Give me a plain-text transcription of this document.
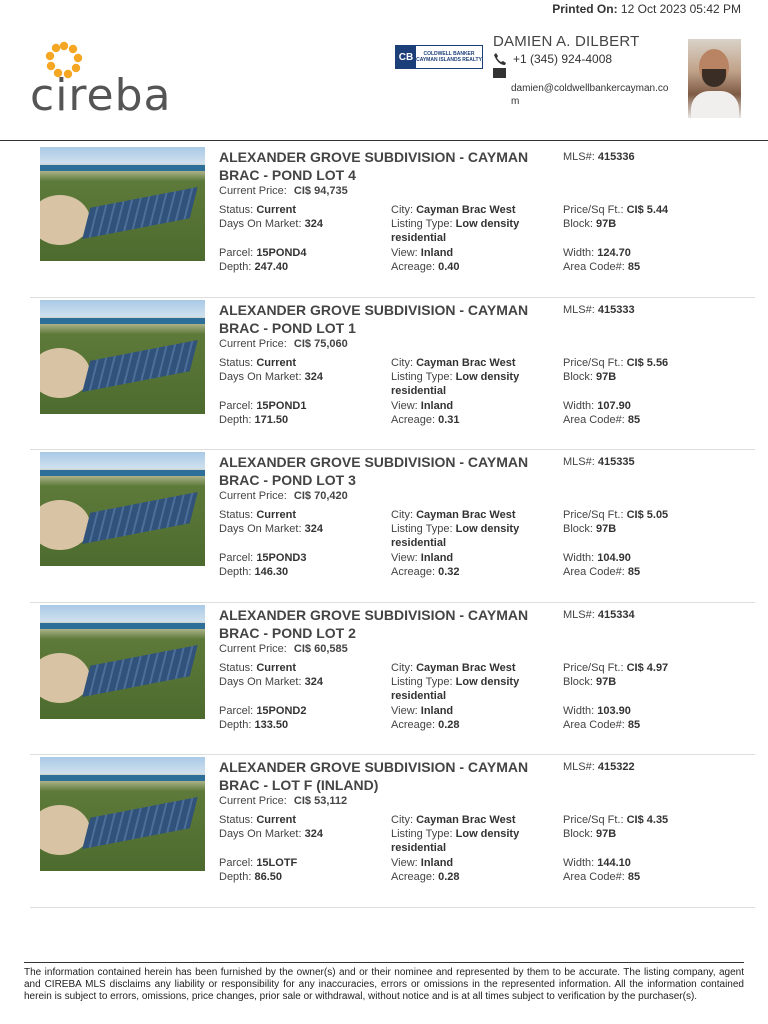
Printed On: 12 Oct 2023 05:42 PM
cireba
CB	COLDWELL BANKER
CAYMAN ISLANDS REALTY
DAMIEN A. DILBERT
+1 (345) 924-4008
damien@coldwellbankercayman.com
ALEXANDER GROVE SUBDIVISION - CAYMAN BRAC - POND LOT 4
MLS#: 415336
Current Price: CI$ 94,735
Status: Current
Days On Market: 324
Parcel: 15POND4
Depth: 247.40
City: Cayman Brac West
Listing Type: Low density residential
View: Inland
Acreage: 0.40
Price/Sq Ft.: CI$ 5.44
Block: 97B
Width: 124.70
Area Code#: 85
ALEXANDER GROVE SUBDIVISION - CAYMAN BRAC - POND LOT 1
MLS#: 415333
Current Price: CI$ 75,060
Status: Current
Days On Market: 324
Parcel: 15POND1
Depth: 171.50
City: Cayman Brac West
Listing Type: Low density residential
View: Inland
Acreage: 0.31
Price/Sq Ft.: CI$ 5.56
Block: 97B
Width: 107.90
Area Code#: 85
ALEXANDER GROVE SUBDIVISION - CAYMAN BRAC - POND LOT 3
MLS#: 415335
Current Price: CI$ 70,420
Status: Current
Days On Market: 324
Parcel: 15POND3
Depth: 146.30
City: Cayman Brac West
Listing Type: Low density residential
View: Inland
Acreage: 0.32
Price/Sq Ft.: CI$ 5.05
Block: 97B
Width: 104.90
Area Code#: 85
ALEXANDER GROVE SUBDIVISION - CAYMAN BRAC - POND LOT 2
MLS#: 415334
Current Price: CI$ 60,585
Status: Current
Days On Market: 324
Parcel: 15POND2
Depth: 133.50
City: Cayman Brac West
Listing Type: Low density residential
View: Inland
Acreage: 0.28
Price/Sq Ft.: CI$ 4.97
Block: 97B
Width: 103.90
Area Code#: 85
ALEXANDER GROVE SUBDIVISION - CAYMAN BRAC - LOT F (INLAND)
MLS#: 415322
Current Price: CI$ 53,112
Status: Current
Days On Market: 324
Parcel: 15LOTF
Depth: 86.50
City: Cayman Brac West
Listing Type: Low density residential
View: Inland
Acreage: 0.28
Price/Sq Ft.: CI$ 4.35
Block: 97B
Width: 144.10
Area Code#: 85
The information contained herein has been furnished by the owner(s) and or their nominee and represented by them to be accurate. The listing company, agent and CIREBA MLS disclaims any liability or responsibility for any inaccuracies, errors or omissions in the represented information. All the information contained herein is subject to errors, omissions, price changes, prior sale or withdrawal, without notice and is at all times subject to verification by the purchaser(s).
